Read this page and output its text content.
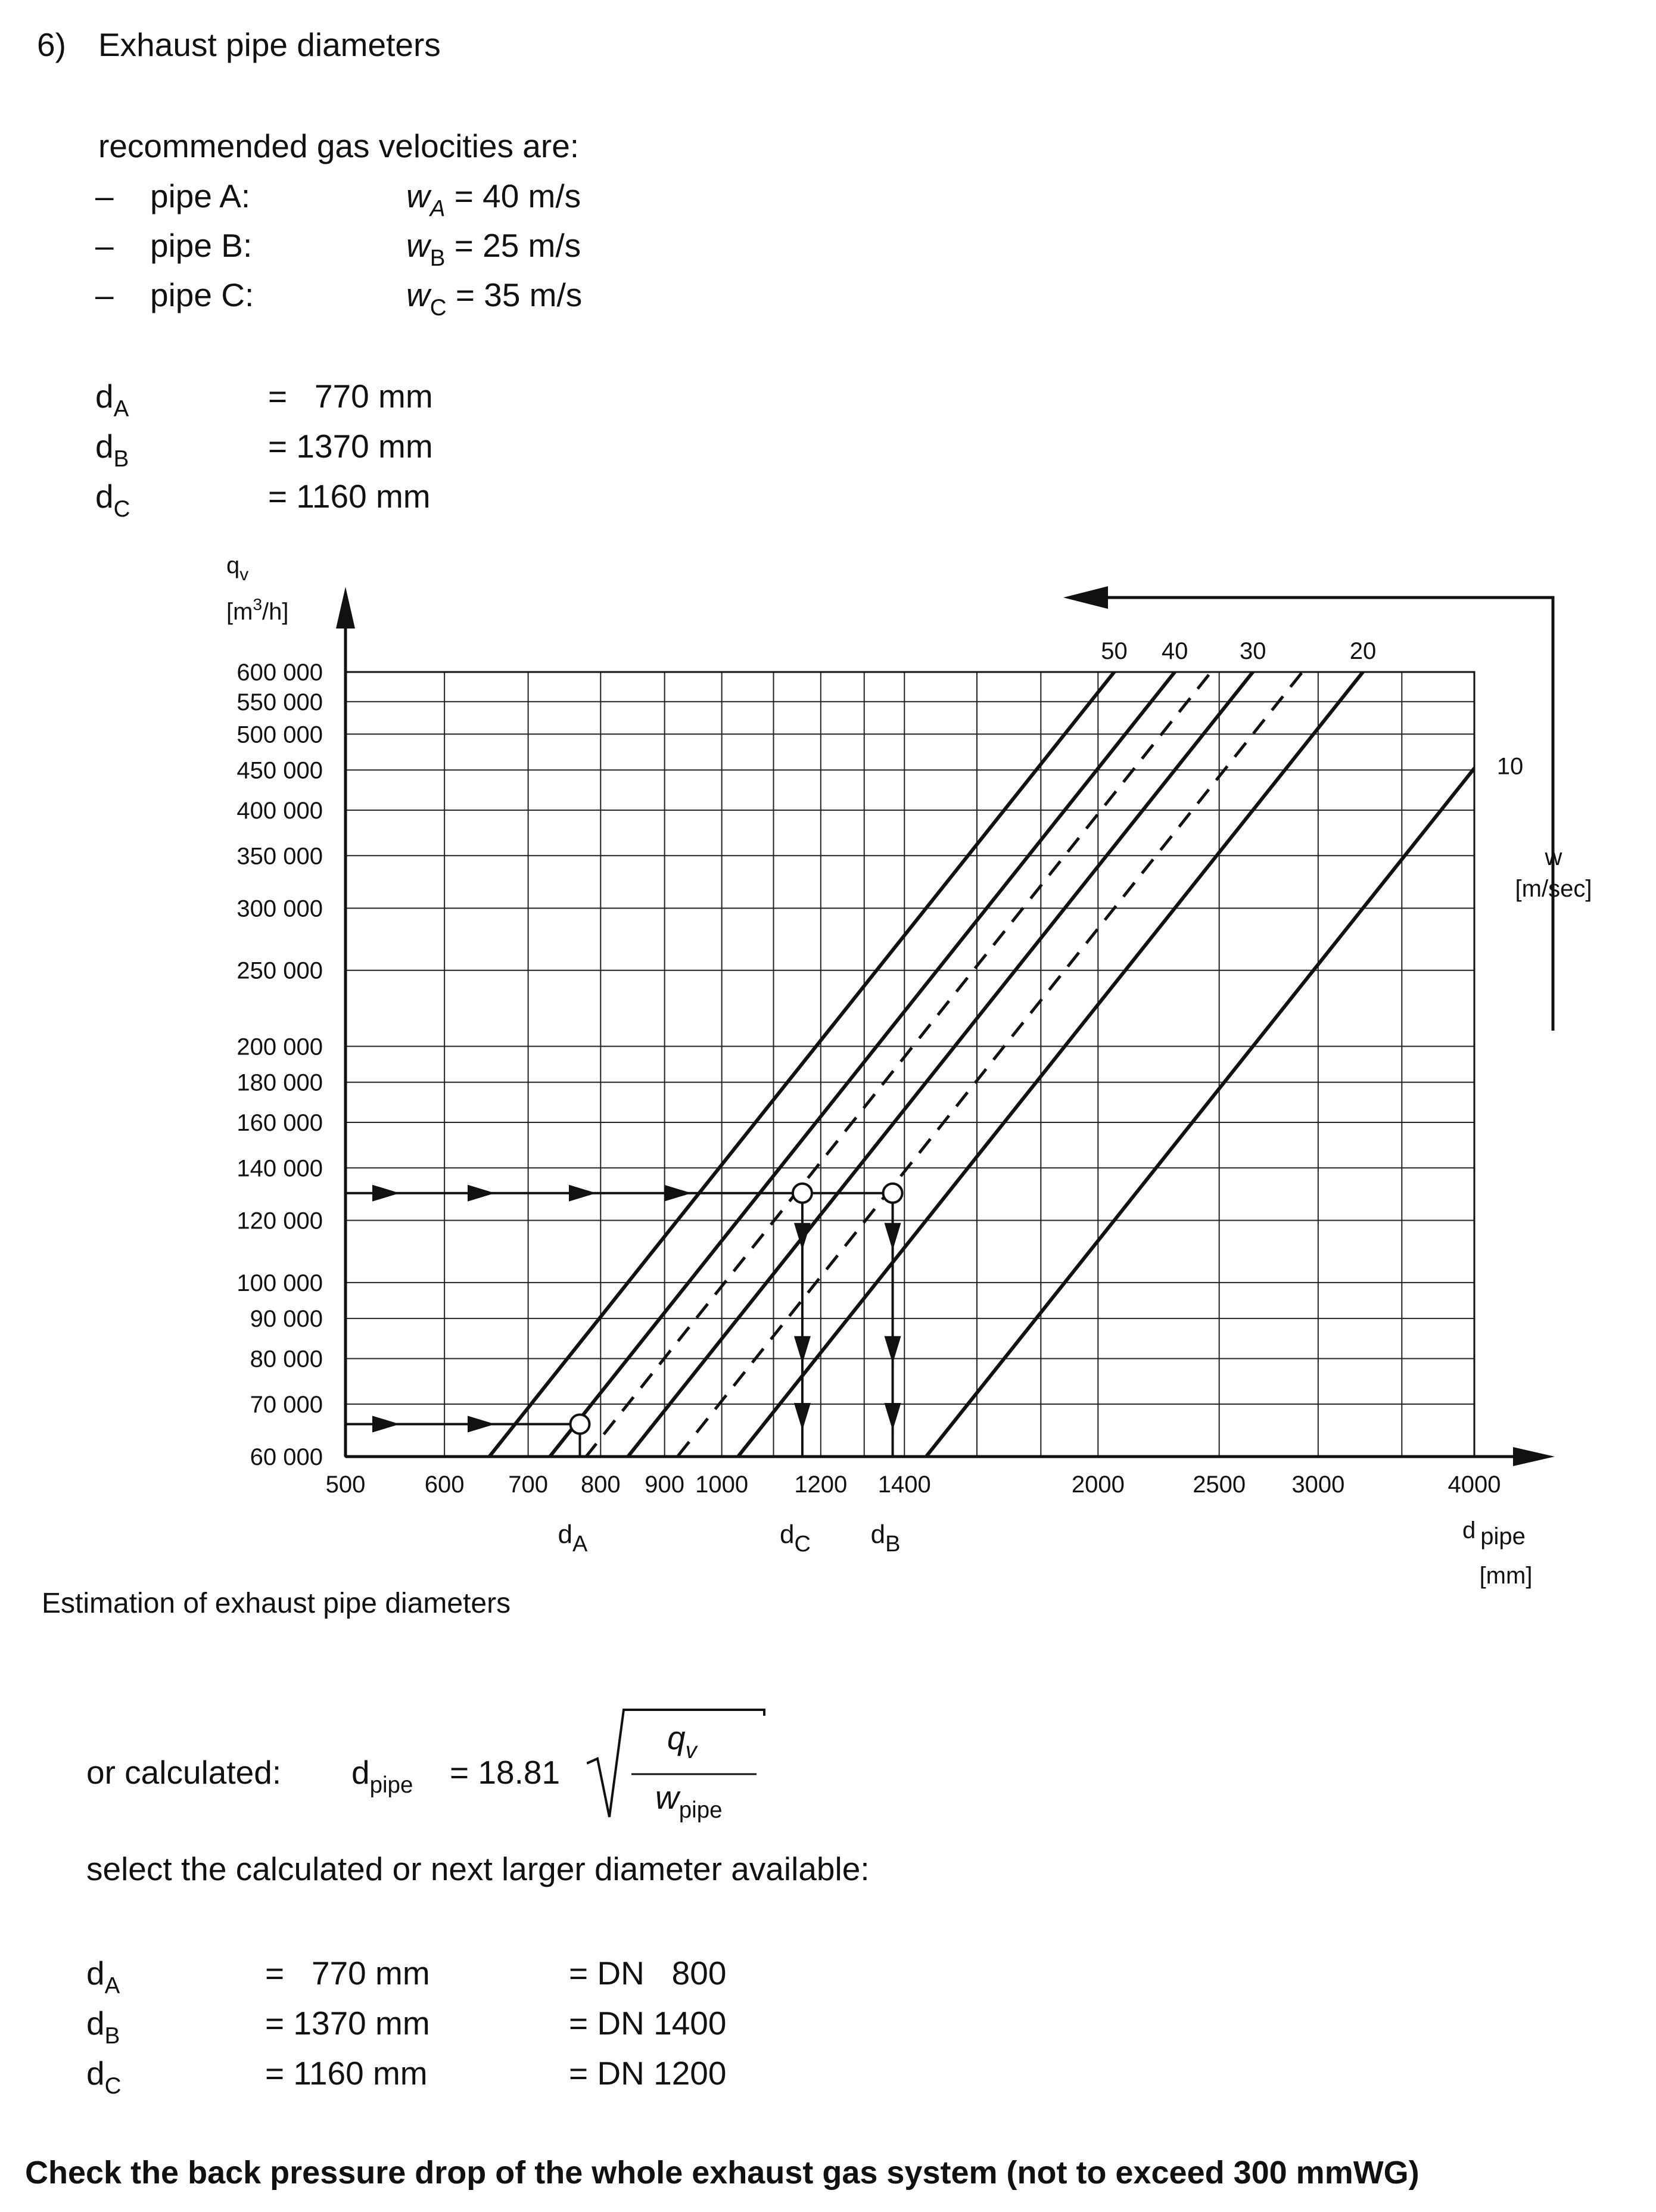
6) Exhaust pipe diameters
recommended gas velocities are:
– pipe A:	$w_A = 40$ m/s
– pipe B:	$w_B = 25$ m/s
– pipe C:	$w_C = 35$ m/s
$d_A$	=   770 mm
$d_B$	= 1370 mm
$d_C$	= 1160 mm
600 000
550 000
500 000
450 000
400 000
350 000
300 000
250 000
200 000
180 000
160 000
140 000
120 000
100 000
90 000
80 000
70 000
60 000
500 600 700 800 900 1000 1200 1400	2000	2500 3000	4000
50 40 30	20
10
$q_v$
$[m^3/h]$
d pipe
[mm]
w
[m/sec]
dA	dC dB
Estimation of exhaust pipe diameters
or calculated: $d_{pipe} = 18.81$
$q_v$
$w_{pipe}$
select the calculated or next larger diameter available:
$d_A$	=   770 mm	= DN   800
$d_B$	= 1370 mm	= DN 1400
$d_C$	= 1160 mm	= DN 1200
Check the back pressure drop of the whole exhaust gas system (not to exceed 300 mmWG)
